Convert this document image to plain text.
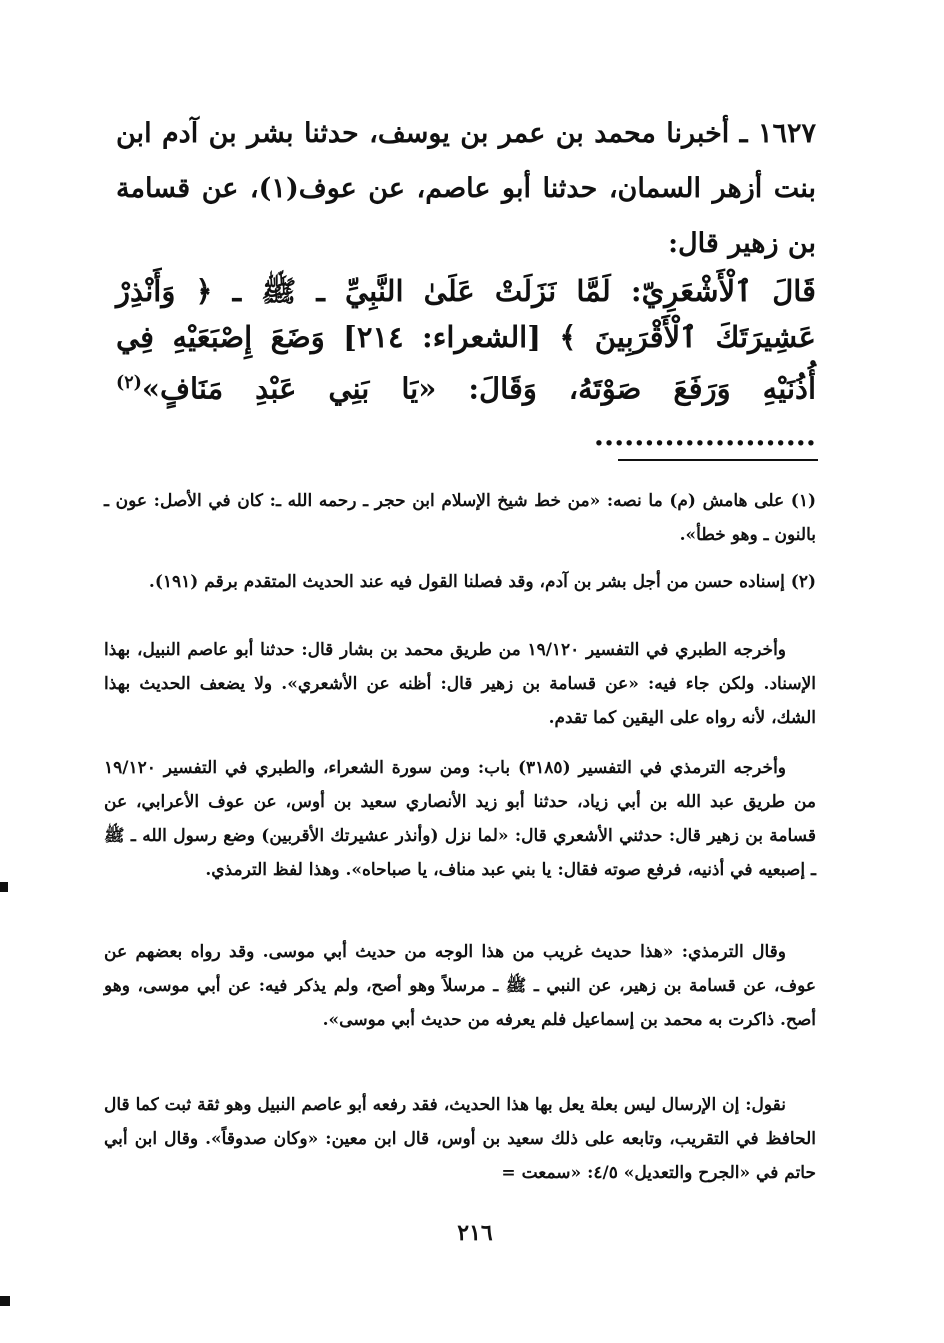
١٦٢٧ ـ أخبرنا محمد بن عمر بن يوسف، حدثنا بشر بن آدم ابن بنت أزهر السمان، حدثنا أبو عاصم، عن عوف(١)، عن قسامة بن زهير قال:

قَالَ ٱلْأَشْعَرِيّ: لَمَّا نَزَلَتْ عَلَىٰ النَّبِيِّ ـ ﷺ ـ ﴿ وَأَنْذِرْ عَشِيرَتَكَ ٱلْأَقْرَبِينَ ﴾ [الشعراء: ٢١٤] وَضَعَ إِصْبَعَيْهِ فِي أُذُنَيْهِ وَرَفَعَ صَوْتَهُ، وَقَالَ: «يَا بَنِي عَبْدِ مَنَافٍ»$^{(٢)}$ ......................

(١) على هامش (م) ما نصه: «من خط شيخ الإسلام ابن حجر ـ رحمه الله ـ: كان في الأصل: عون ـ بالنون ـ وهو خطأ».

(٢) إسناده حسن من أجل بشر بن آدم، وقد فصلنا القول فيه عند الحديث المتقدم برقم (١٩١).

وأخرجه الطبري في التفسير ١٩/١٢٠ من طريق محمد بن بشار قال: حدثنا أبو عاصم النبيل، بهذا الإسناد. ولكن جاء فيه: «عن قسامة بن زهير قال: أظنه عن الأشعري». ولا يضعف الحديث بهذا الشك، لأنه رواه على اليقين كما تقدم.

وأخرجه الترمذي في التفسير (٣١٨٥) باب: ومن سورة الشعراء، والطبري في التفسير ١٩/١٢٠ من طريق عبد الله بن أبي زياد، حدثنا أبو زيد الأنصاري سعيد بن أوس، عن عوف الأعرابي، عن قسامة بن زهير قال: حدثني الأشعري قال: «لما نزل (وأنذر عشيرتك الأقربين) وضع رسول الله ـ ﷺ ـ إصبعيه في أذنيه، فرفع صوته فقال: يا بني عبد مناف، يا صباحاه». وهذا لفظ الترمذي.

وقال الترمذي: «هذا حديث غريب من هذا الوجه من حديث أبي موسى. وقد رواه بعضهم عن عوف، عن قسامة بن زهير، عن النبي ـ ﷺ ـ مرسلاً وهو أصح، ولم يذكر فيه: عن أبي موسى، وهو أصح. ذاكرت به محمد بن إسماعيل فلم يعرفه من حديث أبي موسى».

نقول: إن الإرسال ليس بعلة يعل بها هذا الحديث، فقد رفعه أبو عاصم النبيل وهو ثقة ثبت كما قال الحافظ في التقريب، وتابعه على ذلك سعيد بن أوس، قال ابن معين: «وكان صدوقاً». وقال ابن أبي حاتم في «الجرح والتعديل» ٤/٥: «سمعت =

٢١٦
